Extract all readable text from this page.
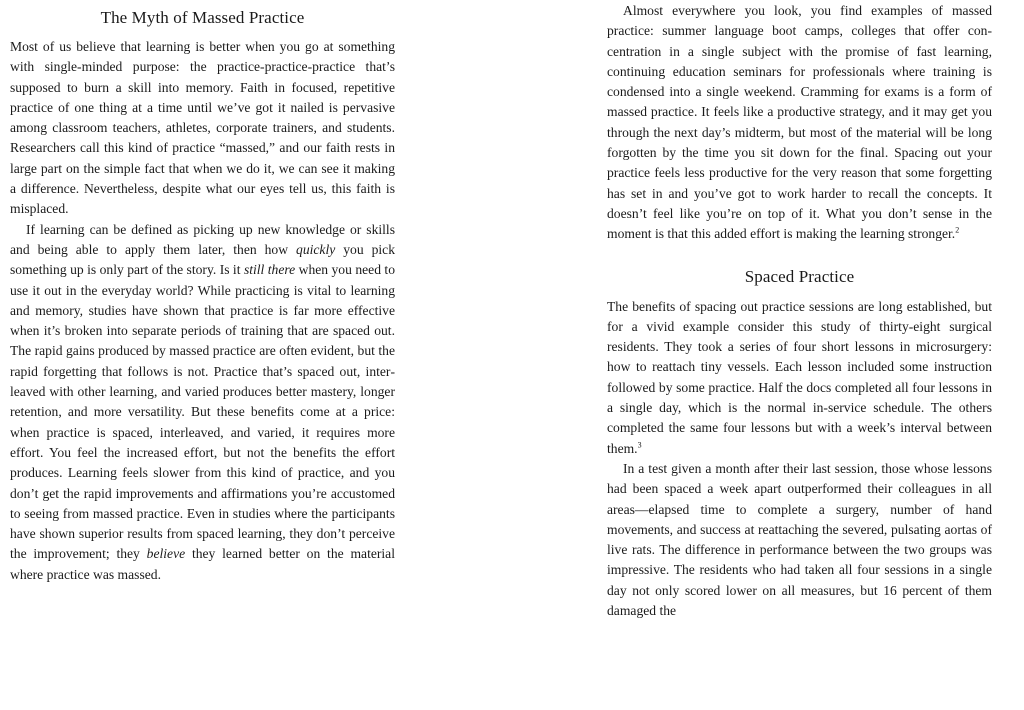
The Myth of Massed Practice

Most of us believe that learning is better when you go at something with single-minded purpose: the practice-practice-practice that’s supposed to burn a skill into memory. Faith in focused, repetitive practice of one thing at a time until we’ve got it nailed is pervasive among classroom teachers, athletes, corporate trainers, and students. Researchers call this kind of practice “massed,” and our faith rests in large part on the simple fact that when we do it, we can see it making a difference. Nevertheless, despite what our eyes tell us, this faith is misplaced.

If learning can be defined as picking up new knowledge or skills and being able to apply them later, then how quickly you pick something up is only part of the story. Is it still there when you need to use it out in the everyday world? While practicing is vital to learning and memory, studies have shown that practice is far more effective when it’s broken into separate periods of training that are spaced out. The rapid gains produced by massed practice are often evident, but the rapid forgetting that follows is not. Practice that’s spaced out, interleaved with other learning, and varied produces better mastery, longer retention, and more versatility. But these benefits come at a price: when practice is spaced, interleaved, and varied, it requires more effort. You feel the increased effort, but not the benefits the effort produces. Learning feels slower from this kind of practice, and you don’t get the rapid improvements and affirmations you’re accustomed to seeing from massed practice. Even in studies where the participants have shown superior results from spaced learning, they don’t perceive the improvement; they believe they learned better on the material where practice was massed.

Almost everywhere you look, you find examples of massed practice: summer language boot camps, colleges that offer concentration in a single subject with the promise of fast learning, continuing education seminars for professionals where training is condensed into a single weekend. Cramming for exams is a form of massed practice. It feels like a productive strategy, and it may get you through the next day’s midterm, but most of the material will be long forgotten by the time you sit down for the final. Spacing out your practice feels less productive for the very reason that some forgetting has set in and you’ve got to work harder to recall the concepts. It doesn’t feel like you’re on top of it. What you don’t sense in the moment is that this added effort is making the learning stronger.$^2$

Spaced Practice

The benefits of spacing out practice sessions are long established, but for a vivid example consider this study of thirty-eight surgical residents. They took a series of four short lessons in microsurgery: how to reattach tiny vessels. Each lesson included some instruction followed by some practice. Half the docs completed all four lessons in a single day, which is the normal in-service schedule. The others completed the same four lessons but with a week’s interval between them.$^3$

In a test given a month after their last session, those whose lessons had been spaced a week apart outperformed their colleagues in all areas—elapsed time to complete a surgery, number of hand movements, and success at reattaching the severed, pulsating aortas of live rats. The difference in performance between the two groups was impressive. The residents who had taken all four sessions in a single day not only scored lower on all measures, but 16 percent of them damaged the
